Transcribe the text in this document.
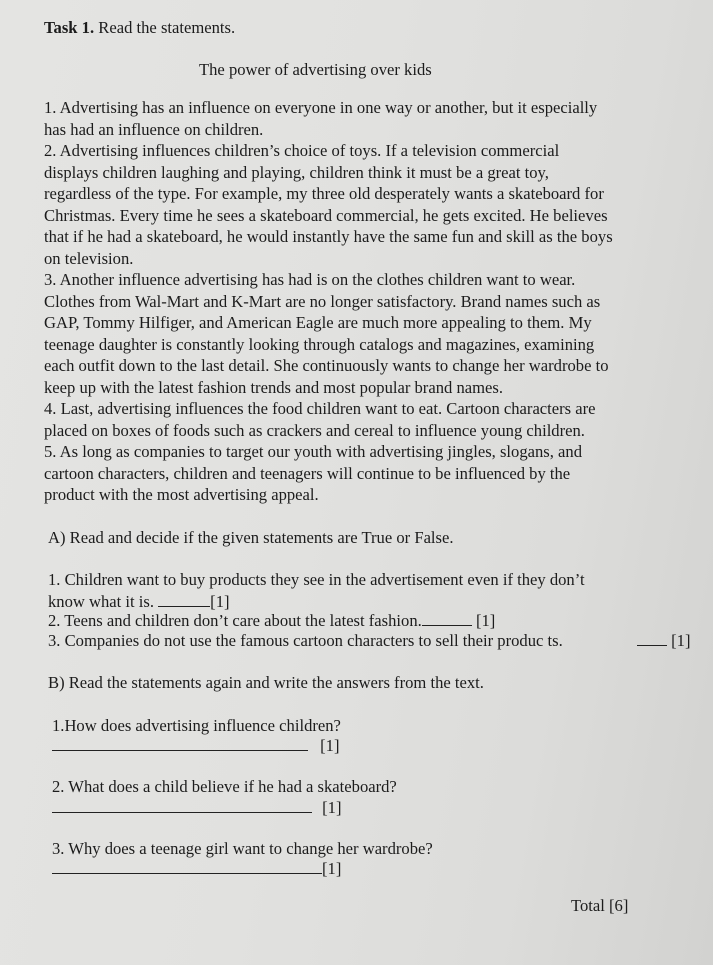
Task 1. Read the statements.
The power of advertising over kids
1. Advertising has an influence on everyone in one way or another, but it especially
has had an influence on children.
2. Advertising influences children’s choice of toys. If a television commercial
displays children laughing and playing, children think it must be a great toy,
regardless of the type. For example, my three old desperately wants a skateboard for
Christmas. Every time he sees a skateboard commercial, he gets excited. He believes
that if he had a skateboard, he would instantly have the same fun and skill as the boys
on television.
3. Another influence advertising has had is on the clothes children want to wear.
Clothes from Wal-Mart and K-Mart are no longer satisfactory. Brand names such as
GAP, Tommy Hilfiger, and American Eagle are much more appealing to them. My
teenage daughter is constantly looking through catalogs and magazines, examining
each outfit down to the last detail. She continuously wants to change her wardrobe to
keep up with the latest fashion trends and most popular brand names.
4. Last, advertising influences the food children want to eat. Cartoon characters are
placed on boxes of foods such as crackers and cereal to influence young children.
5. As long as companies to target our youth with advertising jingles, slogans, and
cartoon characters, children and teenagers will continue to be influenced by the
product with the most advertising appeal.
A) Read and decide if the given statements are True or False.
1. Children want to buy products they see in the advertisement even if they don’t
know what it is.	[1]
2. Teens and children don’t care about the latest fashion.	[1]
3. Companies do not use the famous cartoon characters to sell their produc ts.	[1]
B) Read the statements again and write the answers from the text.
1.How does advertising influence children?
[1]
2. What does a child believe if he had a skateboard?
[1]
3. Why does a teenage girl want to change her wardrobe?
[1]
Total [6]
